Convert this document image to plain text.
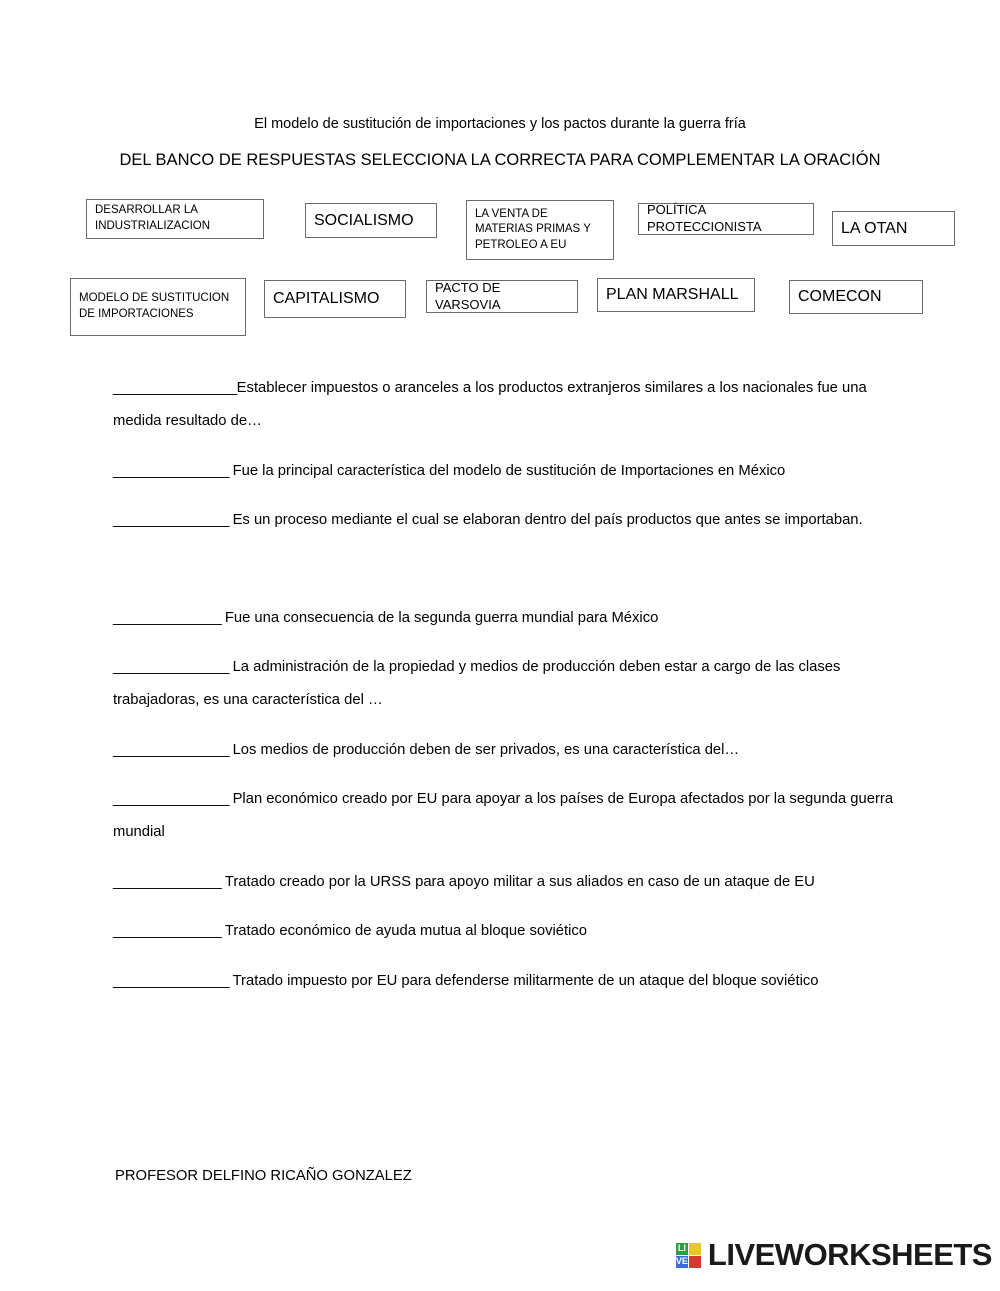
El modelo de sustitución de importaciones y los pactos durante la guerra fría
DEL BANCO DE RESPUESTAS SELECCIONA LA CORRECTA PARA COMPLEMENTAR LA ORACIÓN
DESARROLLAR LA INDUSTRIALIZACION	SOCIALISMO	LA VENTA DE MATERIAS PRIMAS Y PETROLEO A EU
POLÍTICA PROTECCIONISTA	LA OTAN
MODELO DE SUSTITUCION DE IMPORTACIONES
CAPITALISMO
PACTO DE VARSOVIA
PLAN MARSHALL	COMECON
________________Establecer impuestos o aranceles a los productos extranjeros similares a los nacionales fue una medida resultado de…
_______________ Fue la principal característica del modelo de sustitución de Importaciones en México
_______________ Es un proceso mediante el cual se elaboran dentro del país productos que antes se importaban.
______________ Fue una consecuencia de la segunda guerra mundial para México
_______________ La administración de la propiedad y medios de producción deben estar a cargo de las clases trabajadoras, es una característica del …
_______________ Los medios de producción deben de ser privados, es una característica del…
_______________ Plan económico creado por EU para apoyar a los países de Europa afectados por la segunda guerra mundial
______________ Tratado creado por la URSS para apoyo militar a sus aliados en caso de un ataque de EU
______________ Tratado económico de ayuda mutua al bloque soviético
_______________ Tratado impuesto por EU para defenderse militarmente de un ataque del bloque soviético
PROFESOR DELFINO RICAÑO GONZALEZ
LI
VE LIVEWORKSHEETS
